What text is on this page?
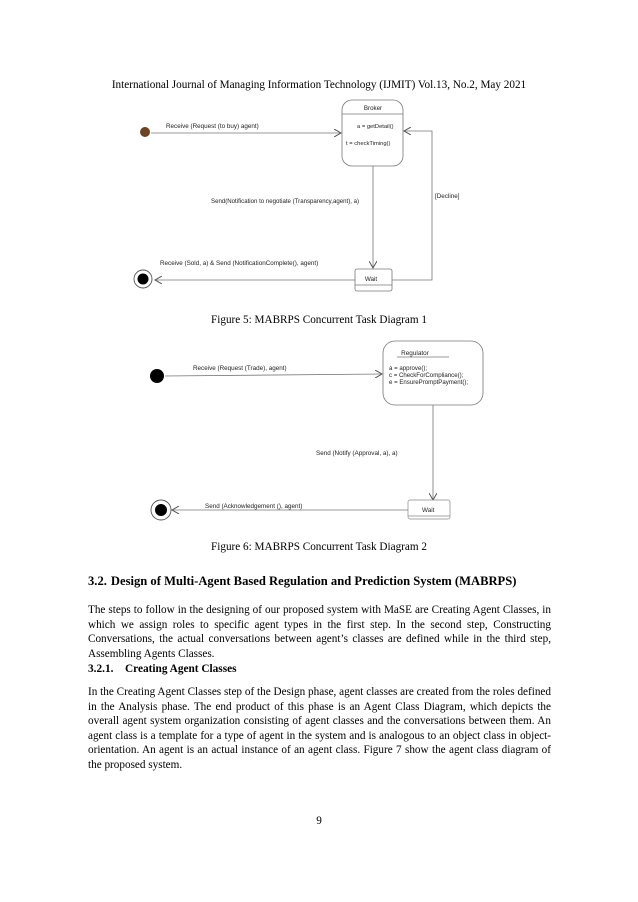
International Journal of Managing Information Technology (IJMIT) Vol.13, No.2, May 2021
Broker
a = getDetail()
t = checkTiming()
Receive (Request (to buy) agent)
Send(Notification to negotiate (Transparency,agent), a)
Wait
[Decline]
Receive (Sold, a) & Send (NotificationComplete(), agent)
Figure 5: MABRPS Concurrent Task Diagram 1
Regulator
a = approve();
c = CheckForCompliance();
e = EnsurePromptPayment();
Receive (Request (Trade), agent)
Send (Notify (Approval, a), a)
Wait
Send (Acknowledgement (), agent)
Figure 6: MABRPS Concurrent Task Diagram 2
3.2. Design of Multi-Agent Based Regulation and Prediction System (MABRPS)

The steps to follow in the designing of our proposed system with MaSE are Creating Agent Classes, in which we assign roles to specific agent types in the first step. In the second step, Constructing Conversations, the actual conversations between agent’s classes are defined while in the third step, Assembling Agents Classes.

3.2.1. Creating Agent Classes

In the Creating Agent Classes step of the Design phase, agent classes are created from the roles defined in the Analysis phase. The end product of this phase is an Agent Class Diagram, which depicts the overall agent system organization consisting of agent classes and the conversations between them. An agent class is a template for a type of agent in the system and is analogous to an object class in object-orientation. An agent is an actual instance of an agent class. Figure 7 show the agent class diagram of the proposed system.

9
